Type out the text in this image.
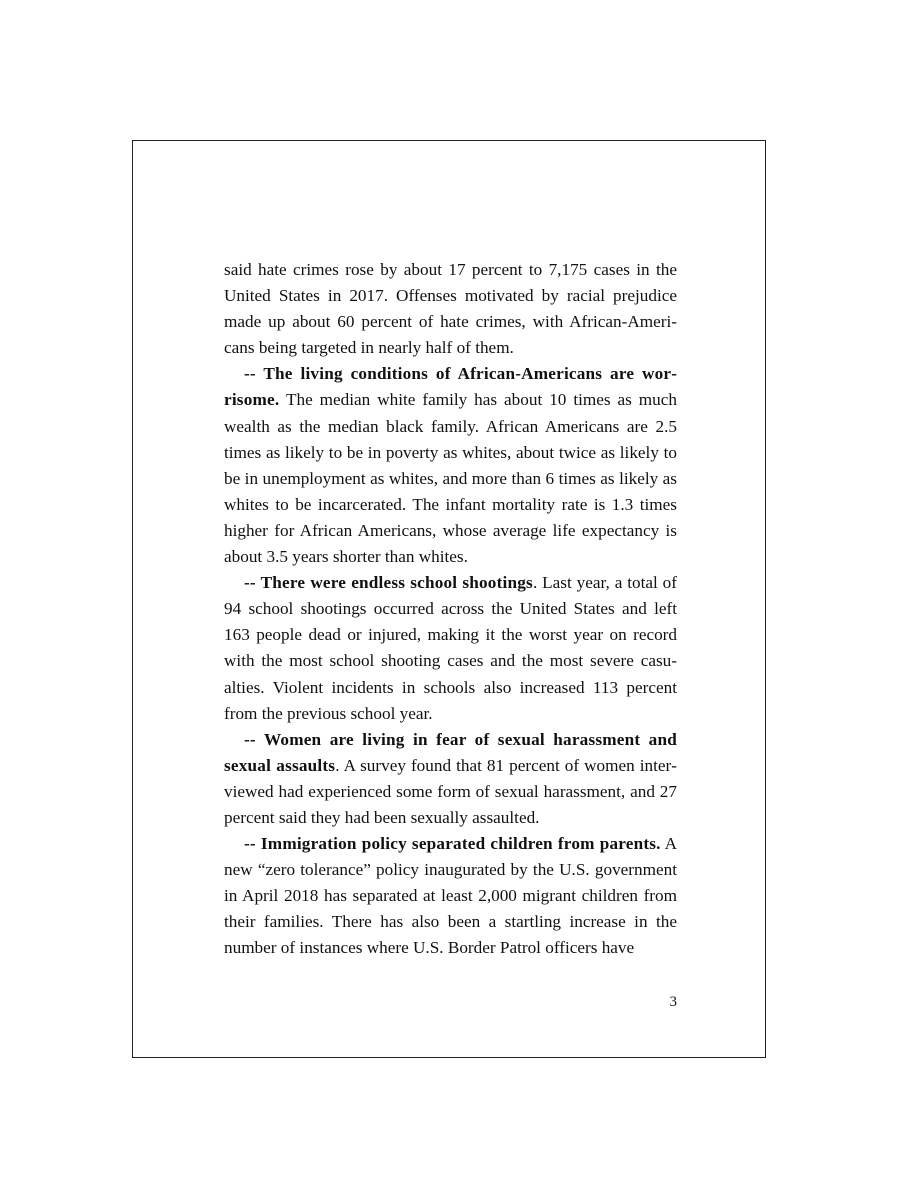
said hate crimes rose by about 17 percent to 7,175 cases in the United States in 2017. Offenses motivated by racial prejudice made up about 60 percent of hate crimes, with African-Americans being targeted in nearly half of them.

-- The living conditions of African-Americans are worrisome. The median white family has about 10 times as much wealth as the median black family. African Americans are 2.5 times as likely to be in poverty as whites, about twice as likely to be in unemployment as whites, and more than 6 times as likely as whites to be incarcerated. The infant mortality rate is 1.3 times higher for African Americans, whose average life expectancy is about 3.5 years shorter than whites.

-- There were endless school shootings. Last year, a total of 94 school shootings occurred across the United States and left 163 people dead or injured, making it the worst year on record with the most school shooting cases and the most severe casualties. Violent incidents in schools also increased 113 percent from the previous school year.

-- Women are living in fear of sexual harassment and sexual assaults. A survey found that 81 percent of women interviewed had experienced some form of sexual harassment, and 27 percent said they had been sexually assaulted.

-- Immigration policy separated children from parents. A new “zero tolerance” policy inaugurated by the U.S. government in April 2018 has separated at least 2,000 migrant children from their families. There has also been a startling increase in the number of instances where U.S. Border Patrol officers have

3
